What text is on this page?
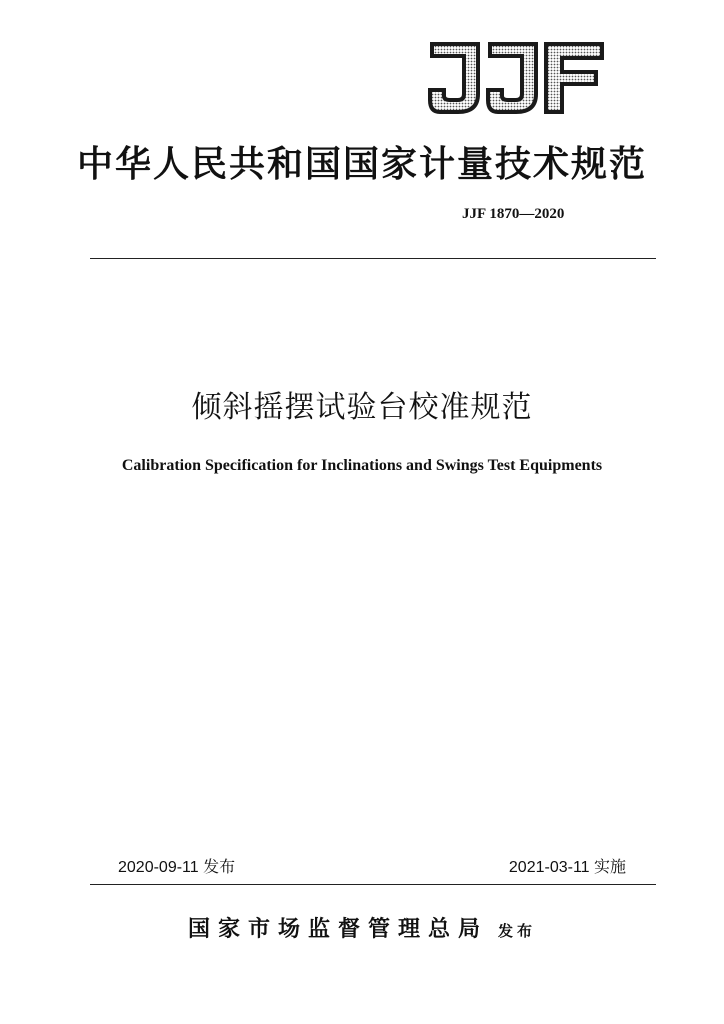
中华人民共和国国家计量技术规范
JJF 1870—2020
倾斜摇摆试验台校准规范
Calibration Specification for Inclinations and Swings Test Equipments
2020-09-11 发布	2021-03-11 实施
国家市场监督管理总局 发布
